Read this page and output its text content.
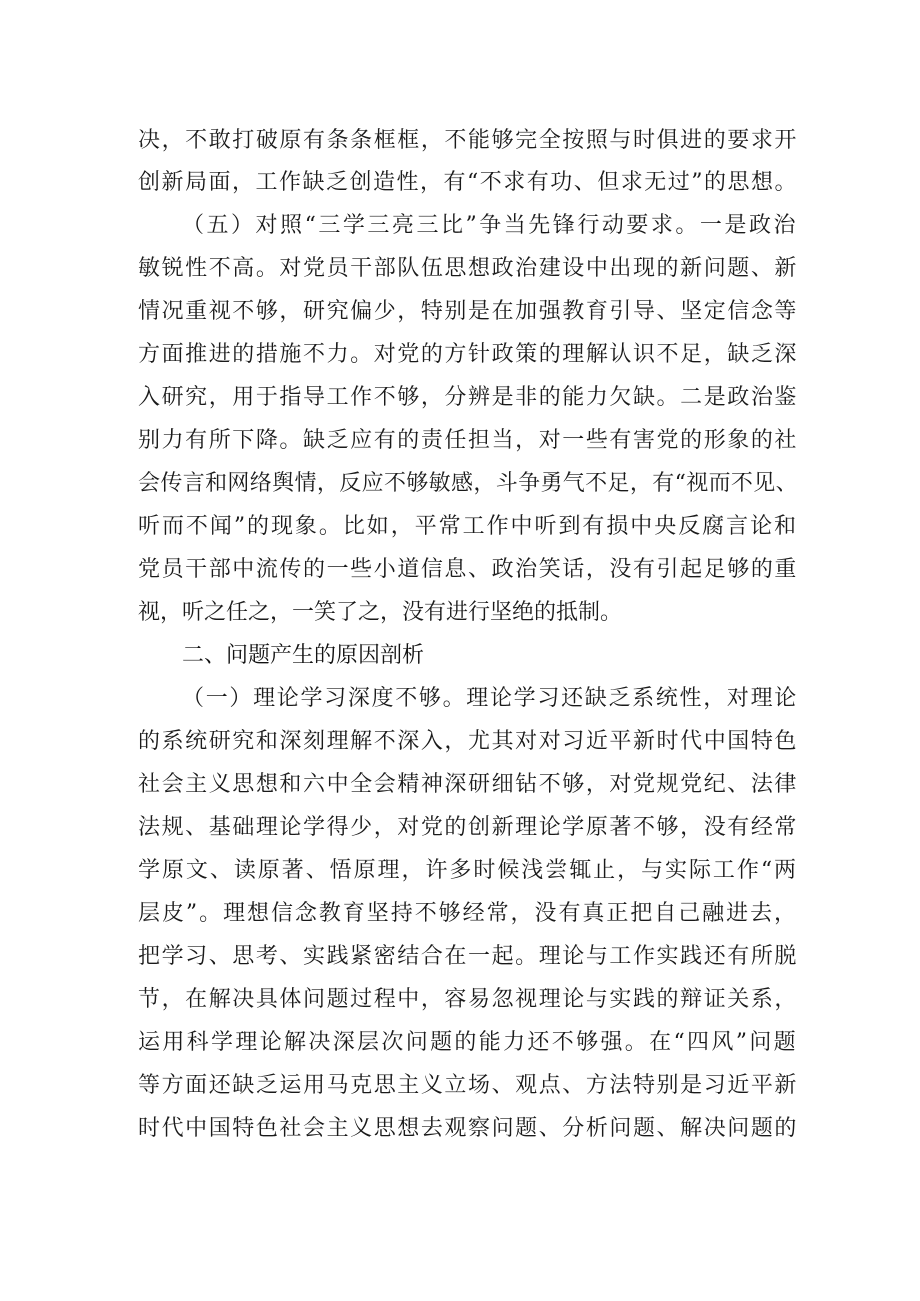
决，不敢打破原有条条框框，不能够完全按照与时俱进的要求开
创新局面，工作缺乏创造性，有“不求有功、但求无过”的思想。
（五）对照“三学三亮三比”争当先锋行动要求。一是政治
敏锐性不高。对党员干部队伍思想政治建设中出现的新问题、新
情况重视不够，研究偏少，特别是在加强教育引导、坚定信念等
方面推进的措施不力。对党的方针政策的理解认识不足，缺乏深
入研究，用于指导工作不够，分辨是非的能力欠缺。二是政治鉴
别力有所下降。缺乏应有的责任担当，对一些有害党的形象的社
会传言和网络舆情，反应不够敏感，斗争勇气不足，有“视而不见、
听而不闻”的现象。比如，平常工作中听到有损中央反腐言论和
党员干部中流传的一些小道信息、政治笑话，没有引起足够的重
视，听之任之，一笑了之，没有进行坚绝的抵制。
二、问题产生的原因剖析
（一）理论学习深度不够。理论学习还缺乏系统性，对理论
的系统研究和深刻理解不深入，尤其对对习近平新时代中国特色
社会主义思想和六中全会精神深研细钻不够，对党规党纪、法律
法规、基础理论学得少，对党的创新理论学原著不够，没有经常
学原文、读原著、悟原理，许多时候浅尝辄止，与实际工作“两
层皮”。理想信念教育坚持不够经常，没有真正把自己融进去，
把学习、思考、实践紧密结合在一起。理论与工作实践还有所脱
节，在解决具体问题过程中，容易忽视理论与实践的辩证关系，
运用科学理论解决深层次问题的能力还不够强。在“四风”问题
等方面还缺乏运用马克思主义立场、观点、方法特别是习近平新
时代中国特色社会主义思想去观察问题、分析问题、解决问题的
